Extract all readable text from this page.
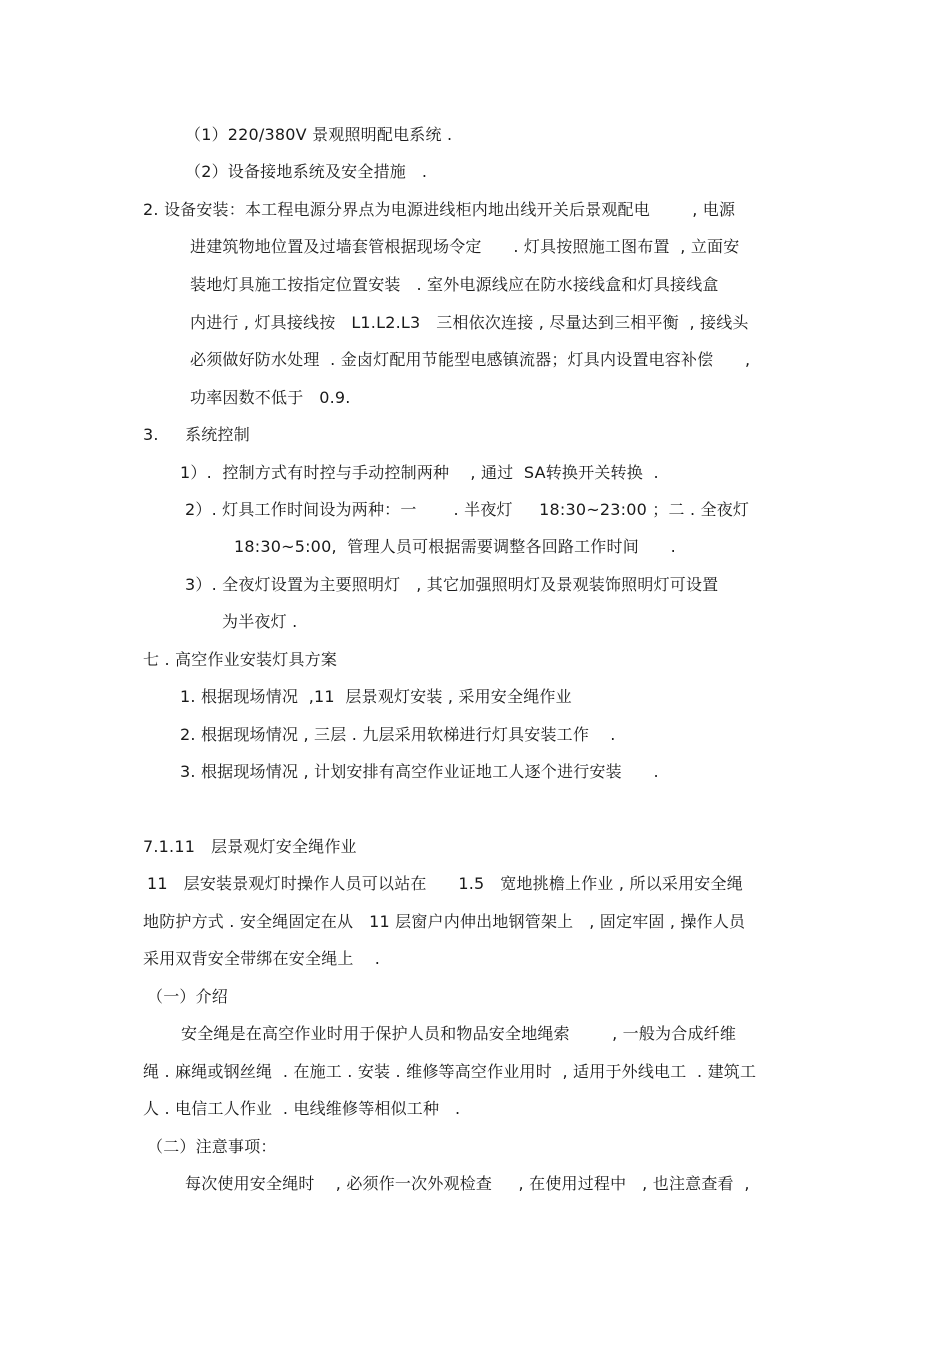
（1）220/380V 景观照明配电系统 .
（2）设备接地系统及安全措施   .
2. 设备安装：本工程电源分界点为电源进线柜内地出线开关后景观配电        , 电源
进建筑物地位置及过墙套管根据现场令定      . 灯具按照施工图布置  , 立面安
装地灯具施工按指定位置安装   . 室外电源线应在防水接线盒和灯具接线盒
内进行 , 灯具接线按   L1.L2.L3   三相依次连接 , 尽量达到三相平衡  , 接线头
必须做好防水处理  . 金卤灯配用节能型电感镇流器；灯具内设置电容补偿      ,
功率因数不低于   0.9.
3.     系统控制
1）.  控制方式有时控与手动控制两种    , 通过  SA转换开关转换  .
2）. 灯具工作时间设为两种：一       . 半夜灯     18:30~23:00 ；二 . 全夜灯
18:30~5:00,  管理人员可根据需要调整各回路工作时间      .
3）. 全夜灯设置为主要照明灯   , 其它加强照明灯及景观装饰照明灯可设置
为半夜灯 .
七 . 高空作业安装灯具方案
1. 根据现场情况  ,11  层景观灯安装 , 采用安全绳作业
2. 根据现场情况 , 三层 . 九层采用软梯进行灯具安装工作    .
3. 根据现场情况 , 计划安排有高空作业证地工人逐个进行安装      .
7.1.11   层景观灯安全绳作业
11   层安装景观灯时操作人员可以站在      1.5   宽地挑檐上作业 , 所以采用安全绳
地防护方式 . 安全绳固定在从   11 层窗户内伸出地钢管架上   , 固定牢固 , 操作人员
采用双背安全带绑在安全绳上    .
（一）介绍
安全绳是在高空作业时用于保护人员和物品安全地绳索        , 一般为合成纤维
绳 . 麻绳或钢丝绳  . 在施工 . 安装 . 维修等高空作业用时  , 适用于外线电工  . 建筑工
人 . 电信工人作业  . 电线维修等相似工种   .
（二）注意事项：
每次使用安全绳时    , 必须作一次外观检查     , 在使用过程中   , 也注意查看  ,
